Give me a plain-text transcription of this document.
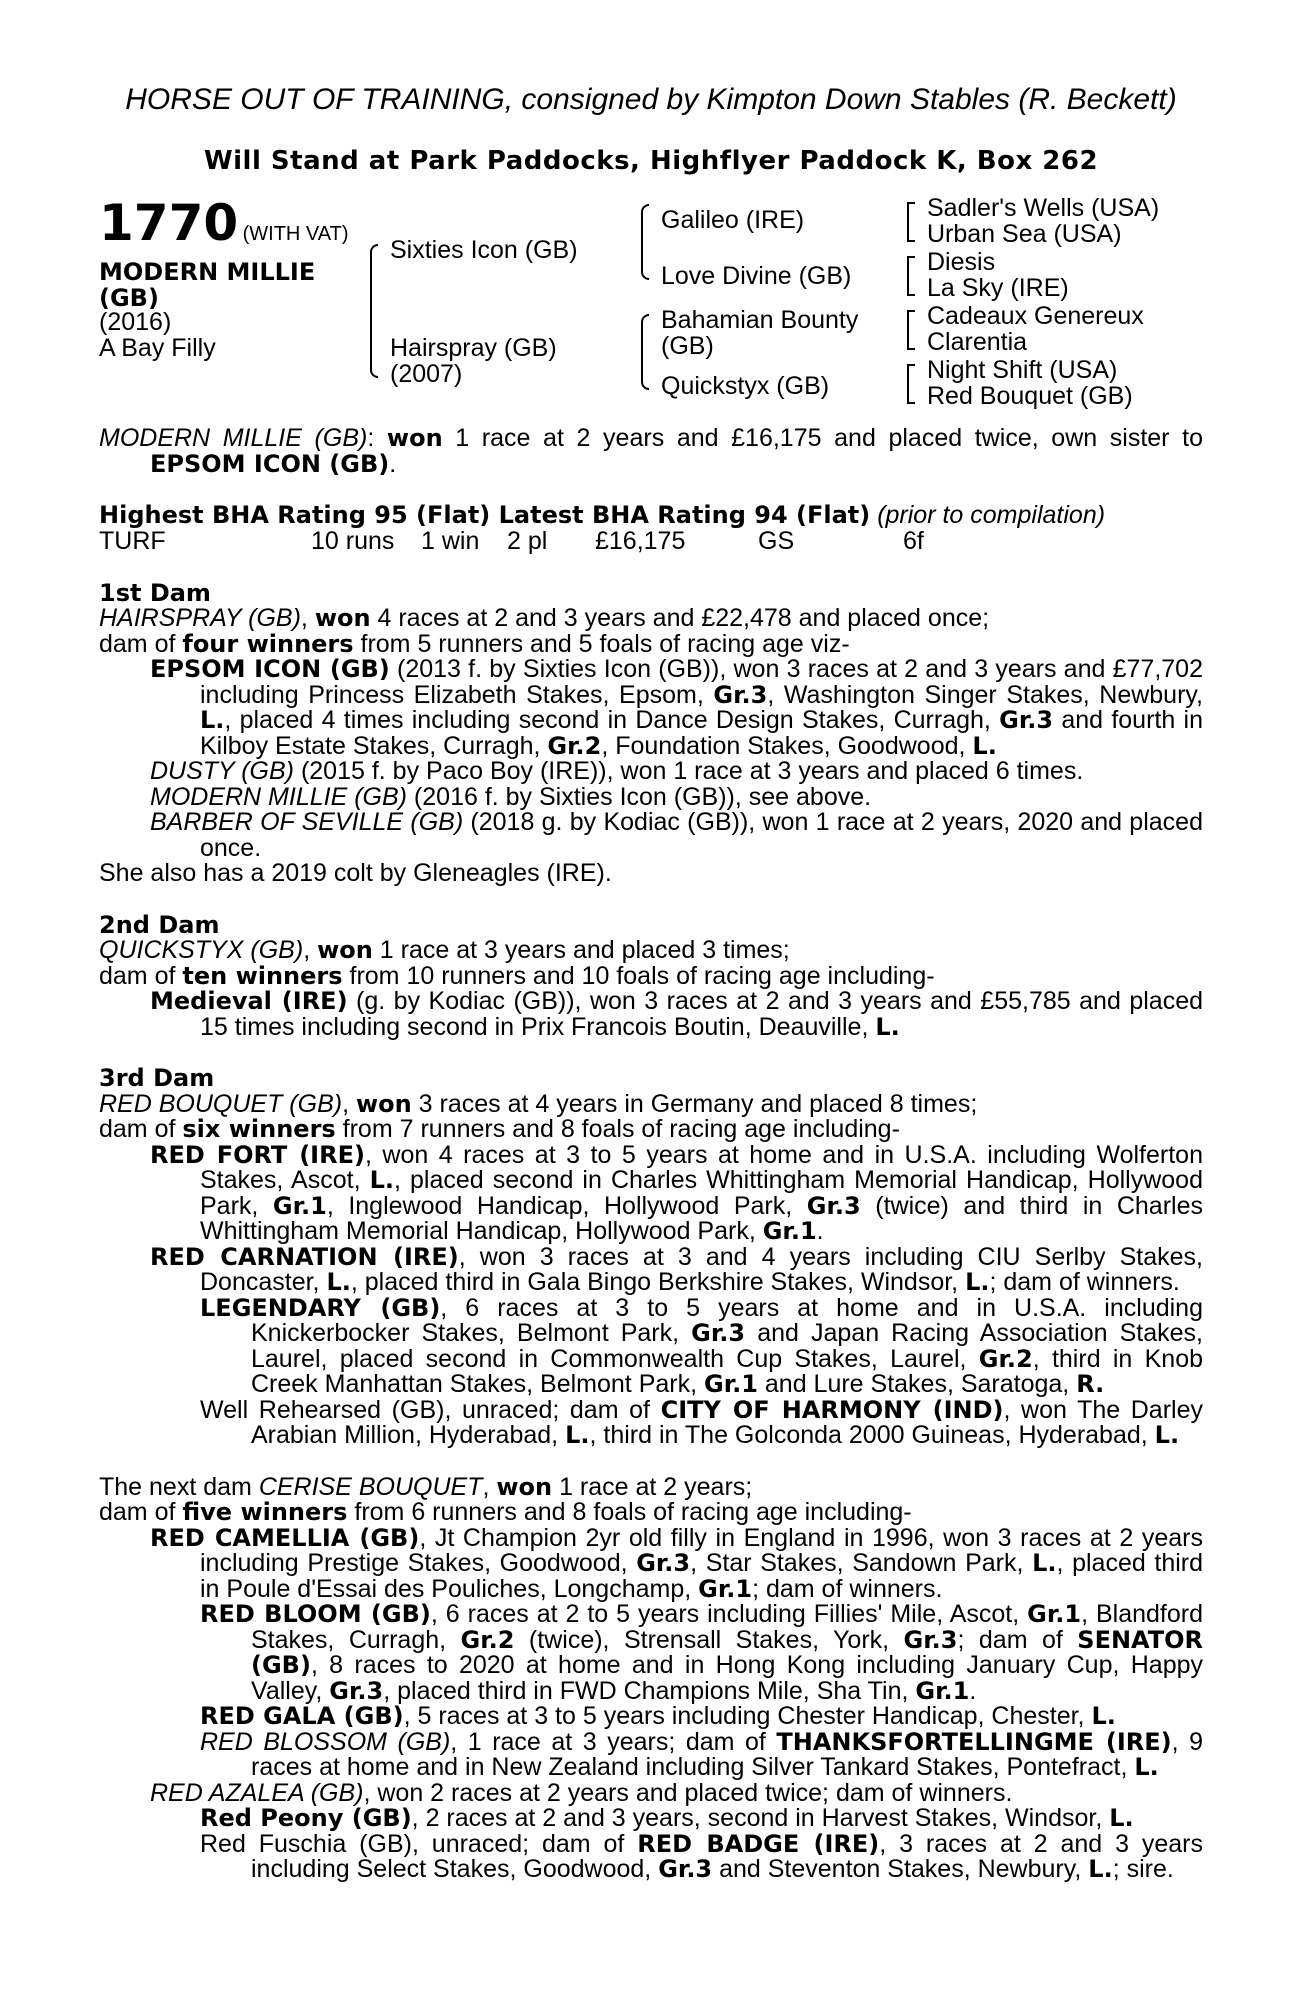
HORSE OUT OF TRAINING, consigned by Kimpton Down Stables (R. Beckett)

Will Stand at Park Paddocks, Highflyer Paddock K, Box 262
1770 (WITH VAT)
MODERN MILLIE
(GB)
(2016)
A Bay Filly
Sixties Icon (GB)
Hairspray (GB)
(2007)
Galileo (IRE)
Love Divine (GB)
Bahamian Bounty
(GB)
Quickstyx (GB)
Sadler's Wells (USA)
Urban Sea (USA)
Diesis
La Sky (IRE)
Cadeaux Genereux
Clarentia
Night Shift (USA)
Red Bouquet (GB)
MODERN MILLIE (GB): won 1 race at 2 years and £16,175 and placed twice, own sister to EPSOM ICON (GB).
Highest BHA Rating 95 (Flat) Latest BHA Rating 94 (Flat) (prior to compilation)
TURF	10 runs 1 win 2 pl £16,175	GS	6f
1st Dam
HAIRSPRAY (GB), won 4 races at 2 and 3 years and £22,478 and placed once;
dam of four winners from 5 runners and 5 foals of racing age viz-
EPSOM ICON (GB) (2013 f. by Sixties Icon (GB)), won 3 races at 2 and 3 years and £77,702 including Princess Elizabeth Stakes, Epsom, Gr.3, Washington Singer Stakes, Newbury, L., placed 4 times including second in Dance Design Stakes, Curragh, Gr.3 and fourth in Kilboy Estate Stakes, Curragh, Gr.2, Foundation Stakes, Goodwood, L.
DUSTY (GB) (2015 f. by Paco Boy (IRE)), won 1 race at 3 years and placed 6 times.
MODERN MILLIE (GB) (2016 f. by Sixties Icon (GB)), see above.
BARBER OF SEVILLE (GB) (2018 g. by Kodiac (GB)), won 1 race at 2 years, 2020 and placed once.
She also has a 2019 colt by Gleneagles (IRE).
2nd Dam
QUICKSTYX (GB), won 1 race at 3 years and placed 3 times;
dam of ten winners from 10 runners and 10 foals of racing age including-
Medieval (IRE) (g. by Kodiac (GB)), won 3 races at 2 and 3 years and £55,785 and placed 15 times including second in Prix Francois Boutin, Deauville, L.
3rd Dam
RED BOUQUET (GB), won 3 races at 4 years in Germany and placed 8 times;
dam of six winners from 7 runners and 8 foals of racing age including-
RED FORT (IRE), won 4 races at 3 to 5 years at home and in U.S.A. including Wolferton Stakes, Ascot, L., placed second in Charles Whittingham Memorial Handicap, Hollywood Park, Gr.1, Inglewood Handicap, Hollywood Park, Gr.3 (twice) and third in Charles Whittingham Memorial Handicap, Hollywood Park, Gr.1.
RED CARNATION (IRE), won 3 races at 3 and 4 years including CIU Serlby Stakes, Doncaster, L., placed third in Gala Bingo Berkshire Stakes, Windsor, L.; dam of winners.
LEGENDARY (GB), 6 races at 3 to 5 years at home and in U.S.A. including Knickerbocker Stakes, Belmont Park, Gr.3 and Japan Racing Association Stakes, Laurel, placed second in Commonwealth Cup Stakes, Laurel, Gr.2, third in Knob Creek Manhattan Stakes, Belmont Park, Gr.1 and Lure Stakes, Saratoga, R.
Well Rehearsed (GB), unraced; dam of CITY OF HARMONY (IND), won The Darley Arabian Million, Hyderabad, L., third in The Golconda 2000 Guineas, Hyderabad, L.
The next dam CERISE BOUQUET, won 1 race at 2 years;
dam of five winners from 6 runners and 8 foals of racing age including-
RED CAMELLIA (GB), Jt Champion 2yr old filly in England in 1996, won 3 races at 2 years including Prestige Stakes, Goodwood, Gr.3, Star Stakes, Sandown Park, L., placed third in Poule d'Essai des Pouliches, Longchamp, Gr.1; dam of winners.
RED BLOOM (GB), 6 races at 2 to 5 years including Fillies' Mile, Ascot, Gr.1, Blandford Stakes, Curragh, Gr.2 (twice), Strensall Stakes, York, Gr.3; dam of SENATOR (GB), 8 races to 2020 at home and in Hong Kong including January Cup, Happy Valley, Gr.3, placed third in FWD Champions Mile, Sha Tin, Gr.1.
RED GALA (GB), 5 races at 3 to 5 years including Chester Handicap, Chester, L.
RED BLOSSOM (GB), 1 race at 3 years; dam of THANKSFORTELLINGME (IRE), 9 races at home and in New Zealand including Silver Tankard Stakes, Pontefract, L.
RED AZALEA (GB), won 2 races at 2 years and placed twice; dam of winners.
Red Peony (GB), 2 races at 2 and 3 years, second in Harvest Stakes, Windsor, L.
Red Fuschia (GB), unraced; dam of RED BADGE (IRE), 3 races at 2 and 3 years including Select Stakes, Goodwood, Gr.3 and Steventon Stakes, Newbury, L.; sire.
